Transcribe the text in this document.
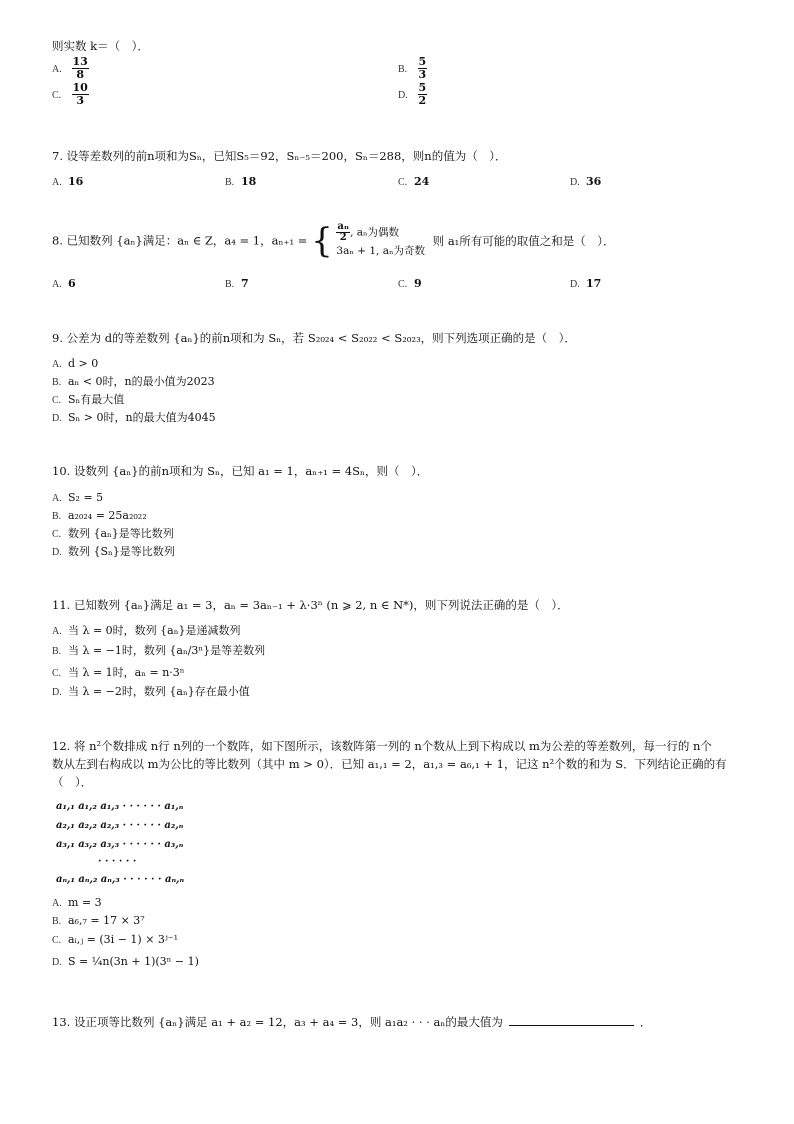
则实数 k＝（　）．
A. $\frac{13}{8}$	B. $\frac{5}{3}$
C. $\frac{10}{3}$	D. $\frac{5}{2}$
7. 设等差数列的前n项和为Sₙ，已知S₅＝92，Sₙ₋₅＝200，Sₙ＝288，则n的值为（　）．
A. 16	B. 18	C. 24	D. 36
8. 已知数列 {aₙ}满足：aₙ ∈ Z，a₄ = 1，aₙ₊₁ = { $\frac{\text{aₙ}}{2}$ , aₙ为偶数
3aₙ + 1, aₙ为奇数
则 a₁所有可能的取值之和是（　）．
A. 6	B. 7	C. 9	D. 17
9. 公差为 d的等差数列 {aₙ}的前n项和为 Sₙ，若 S₂₀₂₄ < S₂₀₂₂ < S₂₀₂₃，则下列选项正确的是（　）．
A. d > 0
B. aₙ < 0时，n的最小值为2023
C. Sₙ有最大值
D. Sₙ > 0时，n的最大值为4045
10. 设数列 {aₙ}的前n项和为 Sₙ，已知 a₁ = 1，aₙ₊₁ = 4Sₙ，则（　）．
A. S₂ = 5
B. a₂₀₂₄ = 25a₂₀₂₂
C. 数列 {aₙ}是等比数列
D. 数列 {Sₙ}是等比数列
11. 已知数列 {aₙ}满足 a₁ = 3，aₙ = 3aₙ₋₁ + λ·3ⁿ (n ⩾ 2, n ∈ N*)，则下列说法正确的是（　）．
A. 当 λ = 0时，数列 {aₙ}是递减数列
B. 当 λ = −1时，数列 {aₙ/3ⁿ}是等差数列
C. 当 λ = 1时，aₙ = n·3ⁿ
D. 当 λ = −2时，数列 {aₙ}存在最小值
12. 将 n²个数排成 n行 n列的一个数阵，如下图所示，该数阵第一列的 n个数从上到下构成以 m为公差的等差数列，每一行的 n个
数从左到右构成以 m为公比的等比数列（其中 m > 0）．已知 a₁,₁ = 2，a₁,₃ = a₆,₁ + 1，记这 n²个数的和为 S．下列结论正确的有
（　）．
a₁,₁ a₁,₂ a₁,₃ · · · · · · a₁,ₙ
a₂,₁ a₂,₂ a₂,₃ · · · · · · a₂,ₙ
a₃,₁ a₃,₂ a₃,₃ · · · · · · a₃,ₙ
· · · · · ·
aₙ,₁ aₙ,₂ aₙ,₃ · · · · · · aₙ,ₙ
A. m = 3
B. a₆,₇ = 17 × 3⁷
C. aᵢ,ⱼ = (3i − 1) × 3ʲ⁻¹
D. S = ¼n(3n + 1)(3ⁿ − 1)
13. 设正项等比数列 {aₙ}满足 a₁ + a₂ = 12，a₃ + a₄ = 3，则 a₁a₂ · · · aₙ的最大值为	．
